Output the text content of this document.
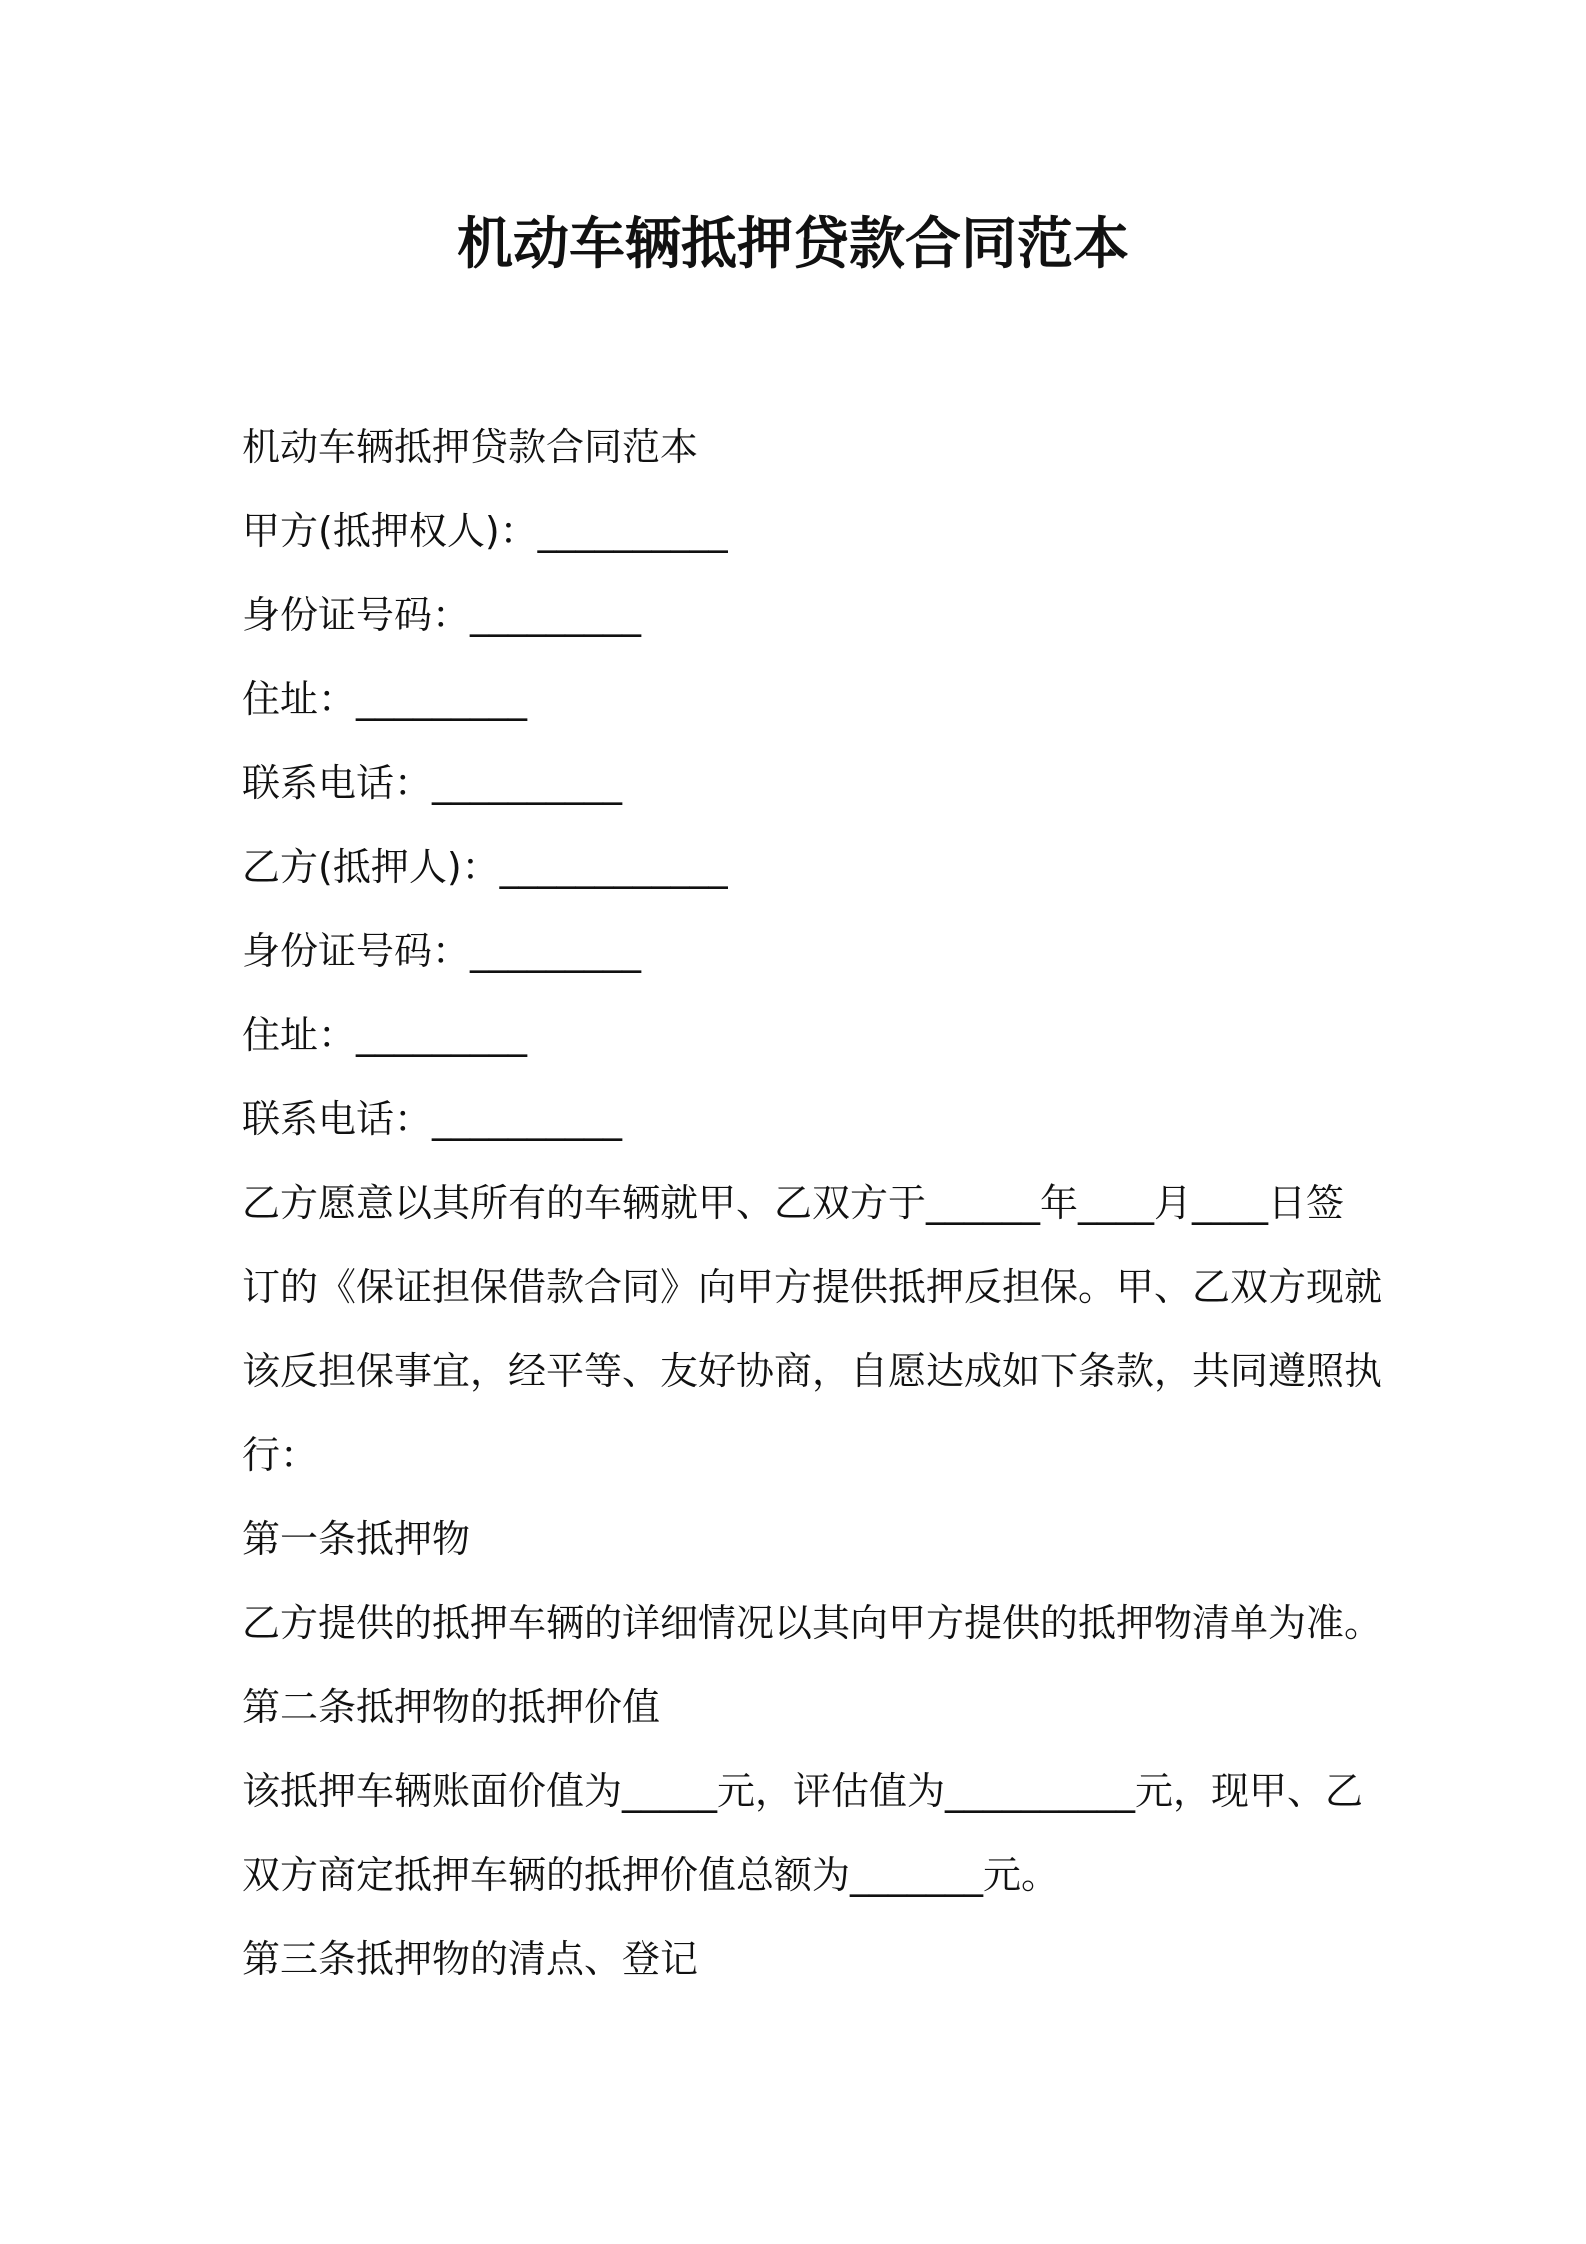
机动车辆抵押贷款合同范本

机动车辆抵押贷款合同范本

甲方(抵押权人)：__________

身份证号码：_________

住址：_________

联系电话：__________

乙方(抵押人)：____________

身份证号码：_________

住址：_________

联系电话：__________

乙方愿意以其所有的车辆就甲、乙双方于______年____月____日签

订的《保证担保借款合同》向甲方提供抵押反担保。甲、乙双方现就

该反担保事宜，经平等、友好协商，自愿达成如下条款，共同遵照执

行：

第一条抵押物

乙方提供的抵押车辆的详细情况以其向甲方提供的抵押物清单为准。

第二条抵押物的抵押价值

该抵押车辆账面价值为_____元，评估值为__________元，现甲、乙

双方商定抵押车辆的抵押价值总额为_______元。

第三条抵押物的清点、登记
